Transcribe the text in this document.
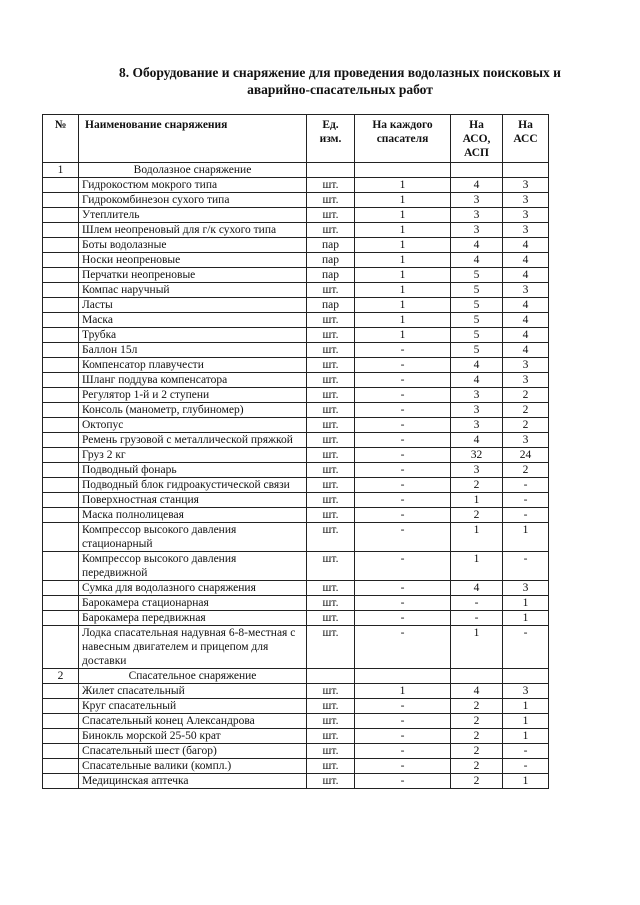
8. Оборудование и снаряжение для проведения водолазных поисковых и
аварийно-спасательных работ
№	Наименование снаряжения	Ед. изм.	На каждого спасателя	На АСО, АСП	На АСС
1	Водолазное снаряжение				
	Гидрокостюм мокрого типа	шт.	1	4	3
	Гидрокомбинезон сухого типа	шт.	1	3	3
	Утеплитель	шт.	1	3	3
	Шлем неопреновый для г/к сухого типа	шт.	1	3	3
	Боты водолазные	пар	1	4	4
	Носки неопреновые	пар	1	4	4
	Перчатки неопреновые	пар	1	5	4
	Компас наручный	шт.	1	5	3
	Ласты	пар	1	5	4
	Маска	шт.	1	5	4
	Трубка	шт.	1	5	4
	Баллон 15л	шт.	-	5	4
	Компенсатор плавучести	шт.	-	4	3
	Шланг поддува компенсатора	шт.	-	4	3
	Регулятор 1-й и 2 ступени	шт.	-	3	2
	Консоль (манометр, глубиномер)	шт.	-	3	2
	Октопус	шт.	-	3	2
	Ремень грузовой с металлической пряжкой	шт.	-	4	3
	Груз 2 кг	шт.	-	32	24
	Подводный фонарь	шт.	-	3	2
	Подводный блок гидроакустической связи	шт.	-	2	-
	Поверхностная станция	шт.	-	1	-
	Маска полнолицевая	шт.	-	2	-
	Компрессор высокого давления стационарный	шт.	-	1	1
	Компрессор высокого давления передвижной	шт.	-	1	-
	Сумка для водолазного снаряжения	шт.	-	4	3
	Барокамера стационарная	шт.	-	-	1
	Барокамера передвижная	шт.	-	-	1
	Лодка спасательная надувная 6-8-местная с навесным двигателем и прицепом для доставки	шт.	-	1	-
2	Спасательное снаряжение				
	Жилет спасательный	шт.	1	4	3
	Круг спасательный	шт.	-	2	1
	Спасательный конец Александрова	шт.	-	2	1
	Бинокль морской 25-50 крат	шт.	-	2	1
	Спасательный шест (багор)	шт.	-	2	-
	Спасательные валики (компл.)	шт.	-	2	-
	Медицинская аптечка	шт.	-	2	1
